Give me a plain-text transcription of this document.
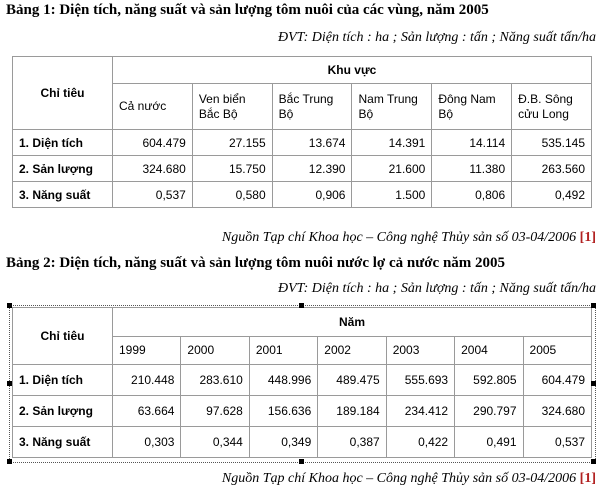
Bảng 1: Diện tích, năng suất và sản lượng tôm nuôi của các vùng, năm 2005
ĐVT: Diện tích : ha ; Sản lượng : tấn ; Năng suất tấn/ha
Chỉ tiêu	Khu vực					
	Cả nước	Ven biển Bắc Bộ	Bắc Trung Bộ	Nam Trung Bộ	Đông Nam Bộ	Đ.B. Sông cửu Long
1. Diện tích	604.479	27.155	13.674	14.391	14.114	535.145
2. Sản lượng	324.680	15.750	12.390	21.600	11.380	263.560
3. Năng suất	0,537	0,580	0,906	1.500	0,806	0,492
Nguồn Tạp chí Khoa học – Công nghệ Thủy sản số 03-04/2006 [1]
Bảng 2: Diện tích, năng suất và sản lượng tôm nuôi nước lợ cả nước năm 2005
ĐVT: Diện tích : ha ; Sản lượng : tấn ; Năng suất tấn/ha
Chỉ tiêu	Năm						
	1999	2000	2001	2002	2003	2004	2005
1. Diện tích	210.448	283.610	448.996	489.475	555.693	592.805	604.479
2. Sản lượng	63.664	97.628	156.636	189.184	234.412	290.797	324.680
3. Năng suất	0,303	0,344	0,349	0,387	0,422	0,491	0,537
Nguồn Tạp chí Khoa học – Công nghệ Thủy sản số 03-04/2006 [1]
